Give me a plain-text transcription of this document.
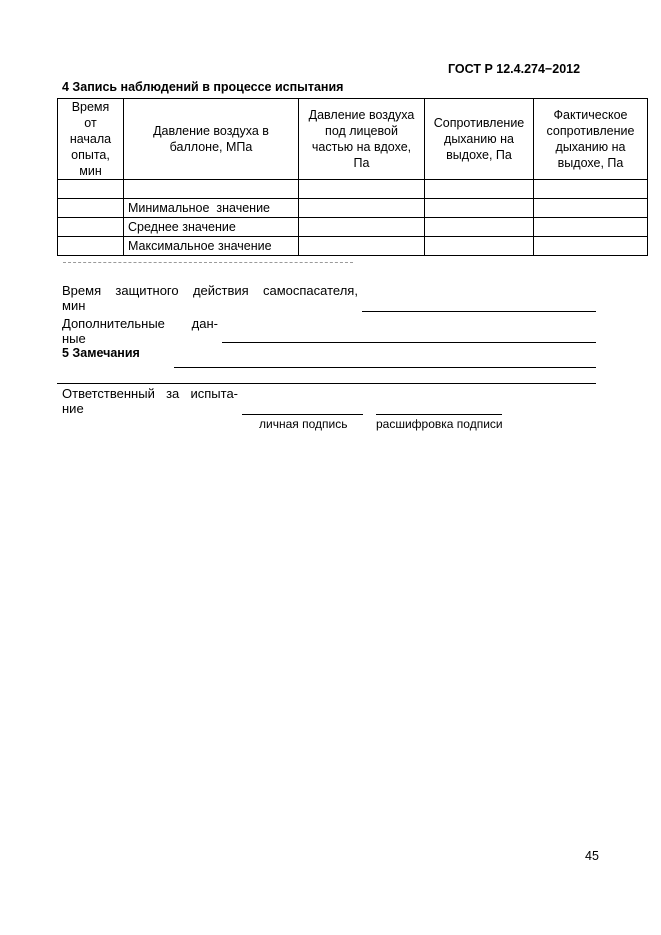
ГОСТ Р 12.4.274−2012
4 Запись наблюдений в процессе испытания
Время от начала опыта, мин	Давление воздуха в баллоне, МПа	Давление воздуха под лицевой частью на вдохе, Па	Сопротивление дыханию на выдохе, Па	Фактическое сопротивление дыханию на выдохе, Па

	Минимальное  значение			
	Среднее значение			
	Максимальное значение			
Время защитного действия самоспасателя,
мин
Дополнительные дан-
ные
5 Замечания
Ответственный за испыта-
ние
личная подпись расшифровка подписи
45
